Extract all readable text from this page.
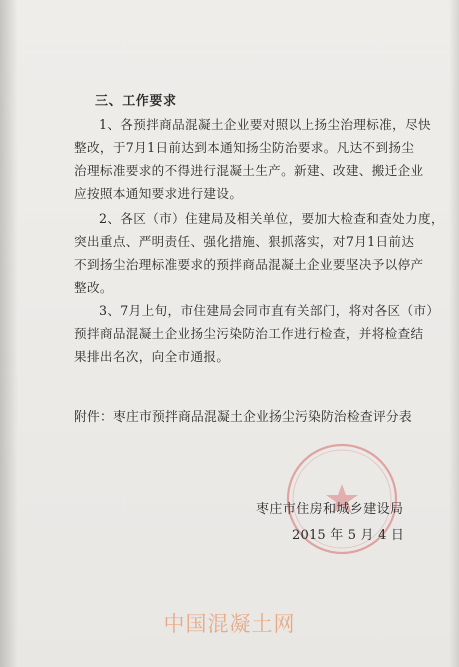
三、工作要求
1、各预拌商品混凝土企业要对照以上扬尘治理标准，尽快
整改，于7月1日前达到本通知扬尘防治要求。凡达不到扬尘
治理标准要求的不得进行混凝土生产。新建、改建、搬迁企业
应按照本通知要求进行建设。
2、各区（市）住建局及相关单位，要加大检查和查处力度，
突出重点、严明责任、强化措施、狠抓落实，对7月1日前达
不到扬尘治理标准要求的预拌商品混凝土企业要坚决予以停产
整改。
3、7月上旬，市住建局会同市直有关部门，将对各区（市）
预拌商品混凝土企业扬尘污染防治工作进行检查，并将检查结
果排出名次，向全市通报。
附件：枣庄市预拌商品混凝土企业扬尘污染防治检查评分表

枣庄市住房和城乡建设局
2015 年 5 月 4 日
中国混凝土网
